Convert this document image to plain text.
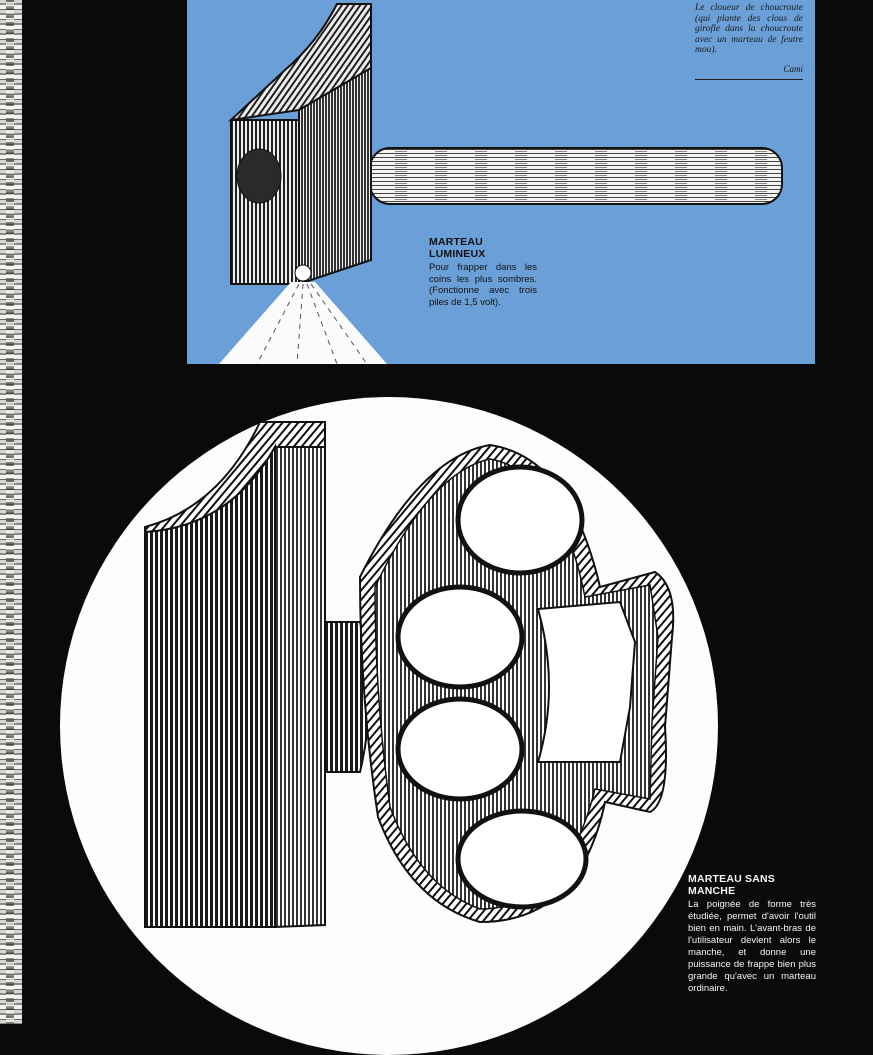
Le cloueur de choucroute (qui plante des clous de girofle dans la choucroute avec un marteau de feutre mou).
Cami
MARTEAU LUMINEUX
Pour frapper dans les coins les plus sombres. (Fonctionne avec trois piles de 1,5 volt).
MARTEAU SANS MANCHE
La poignée de forme très étudiée, permet d'avoir l'outil bien en main. L'avant-bras de l'utilisateur devient alors le manche, et donne une puissance de frappe bien plus grande qu'avec un marteau ordinaire.
